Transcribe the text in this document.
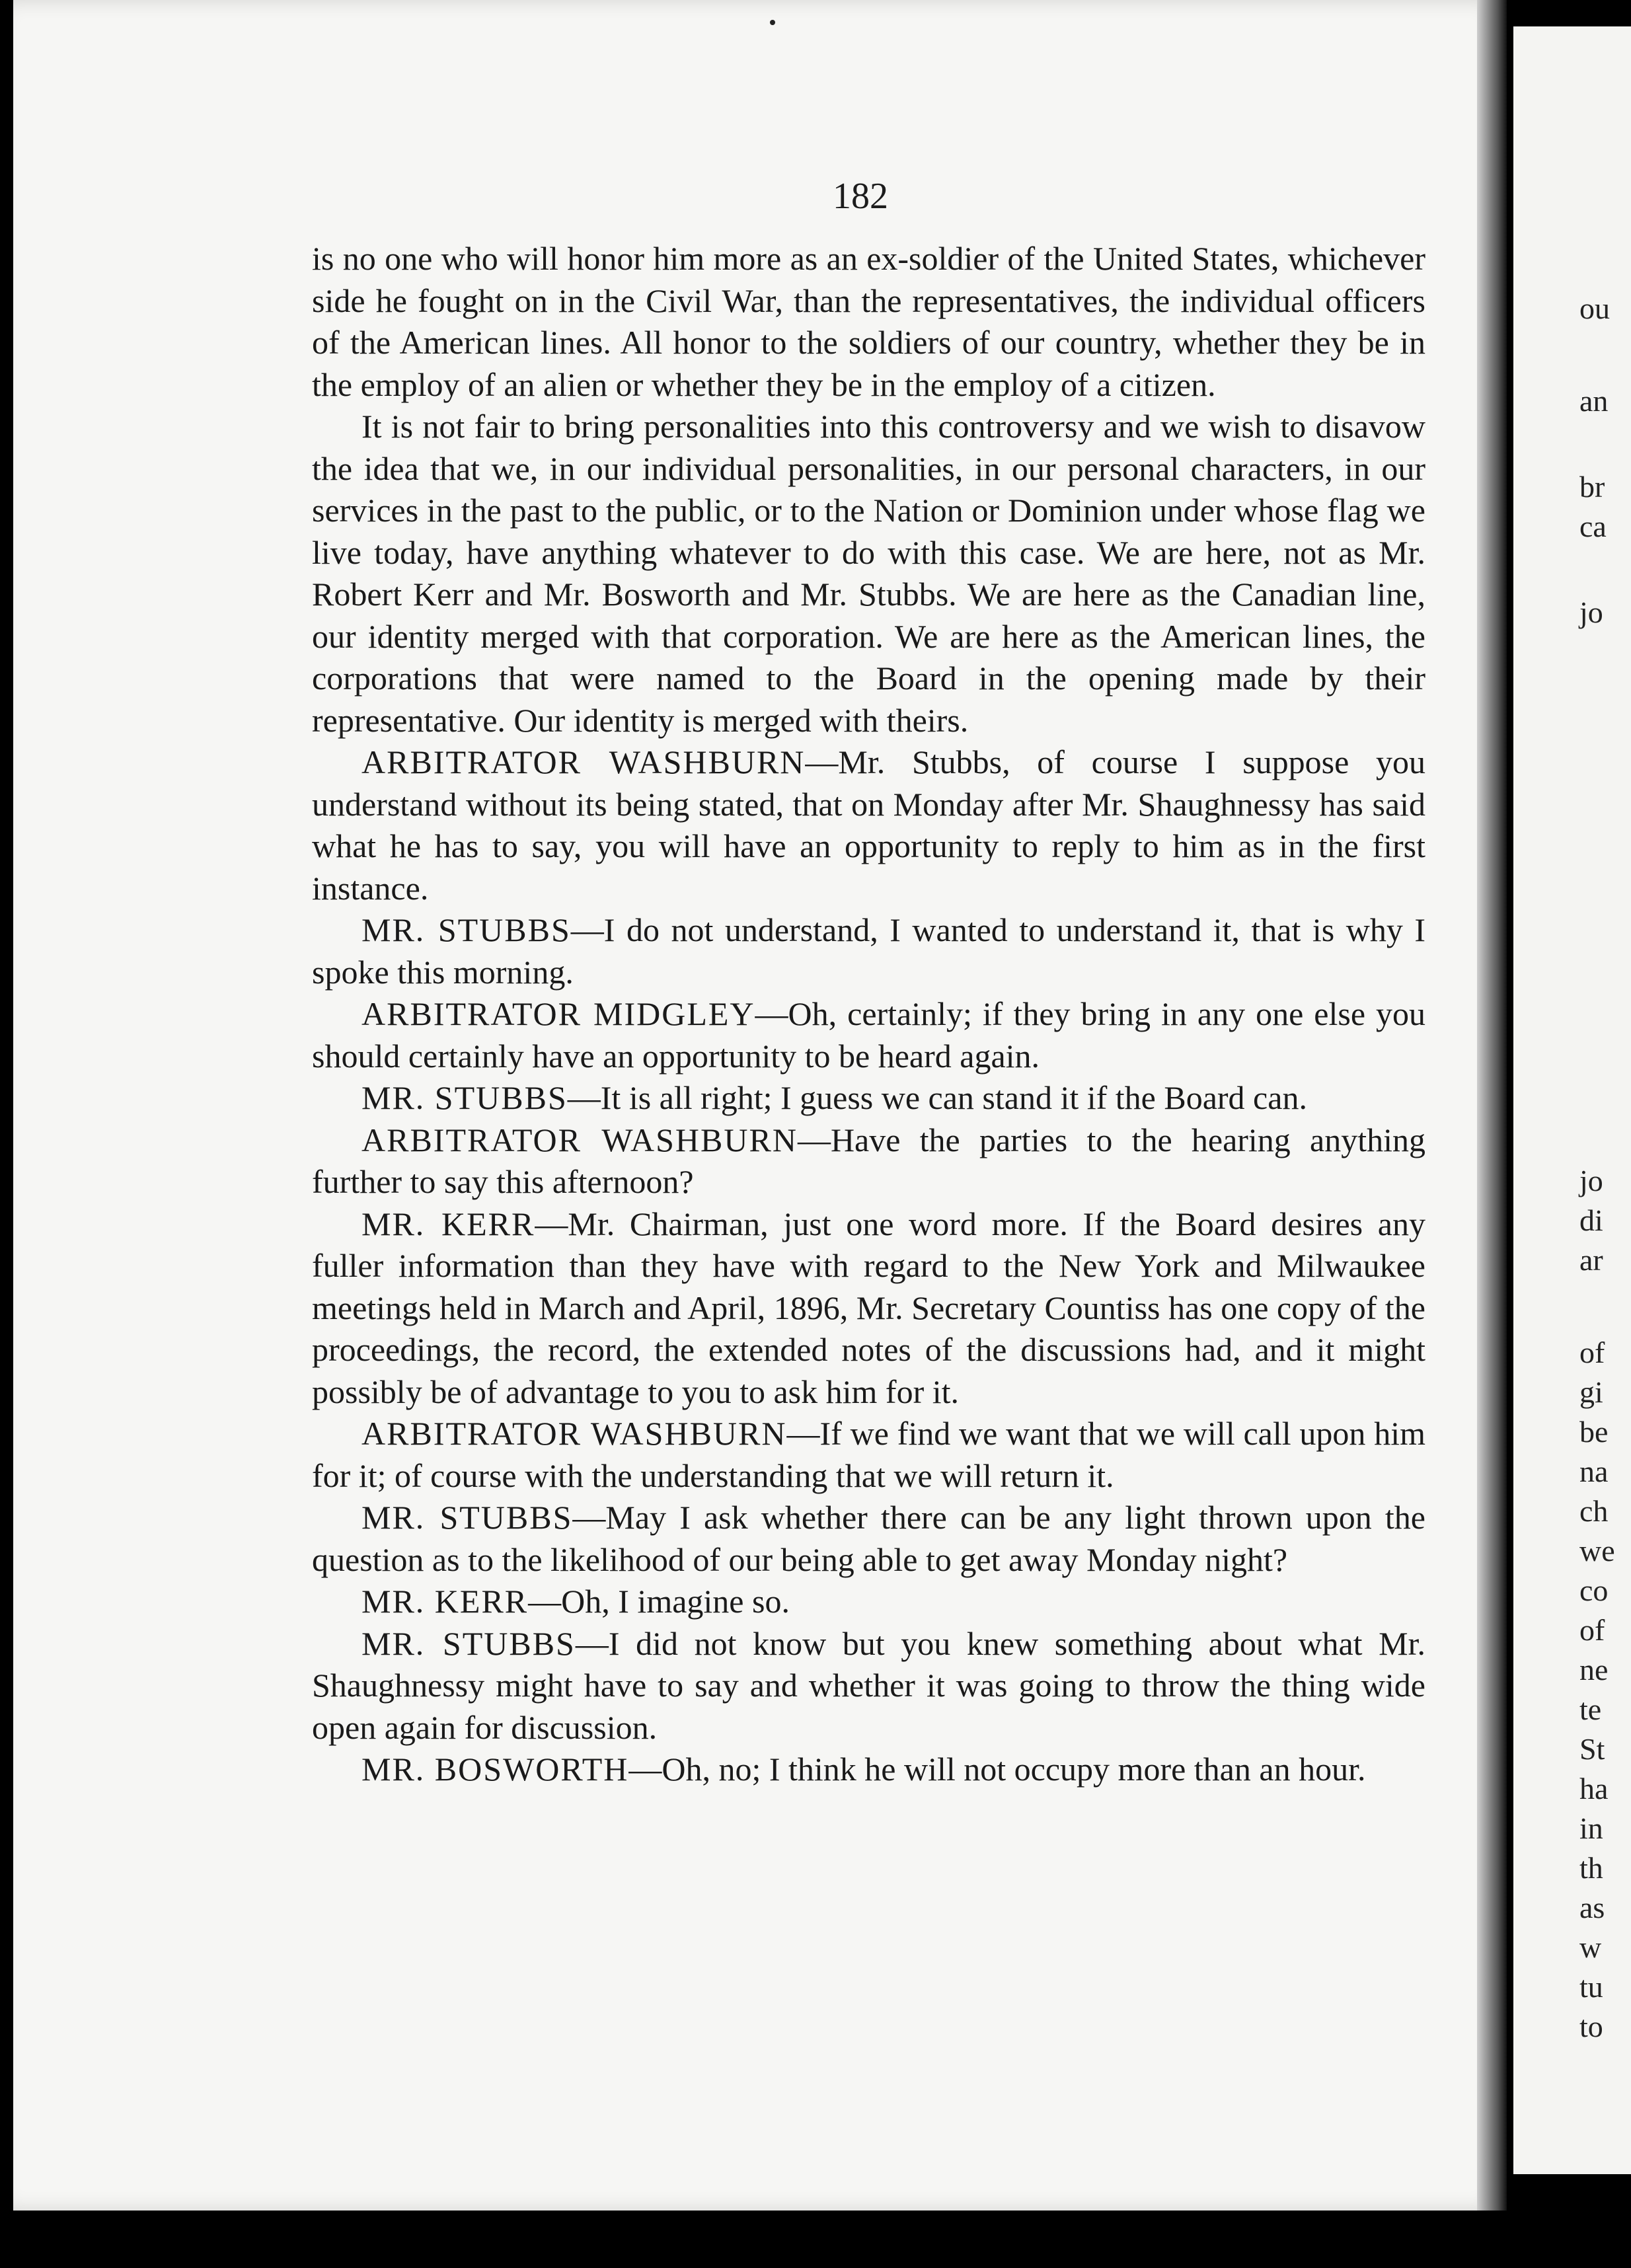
182

is no one who will honor him more as an ex-soldier of the United States, whichever side he fought on in the Civil War, than the representatives, the individual officers of the American lines. All honor to the soldiers of our country, whether they be in the employ of an alien or whether they be in the employ of a citizen.

It is not fair to bring personalities into this controversy and we wish to disavow the idea that we, in our individual personalities, in our personal characters, in our services in the past to the public, or to the Nation or Dominion under whose flag we live today, have anything whatever to do with this case. We are here, not as Mr. Robert Kerr and Mr. Bosworth and Mr. Stubbs. We are here as the Canadian line, our identity merged with that corporation. We are here as the American lines, the corporations that were named to the Board in the opening made by their representative. Our identity is merged with theirs.

ARBITRATOR WASHBURN—Mr. Stubbs, of course I suppose you understand without its being stated, that on Monday after Mr. Shaughnessy has said what he has to say, you will have an opportunity to reply to him as in the first instance.

MR. STUBBS—I do not understand, I wanted to understand it, that is why I spoke this morning.

ARBITRATOR MIDGLEY—Oh, certainly; if they bring in any one else you should certainly have an opportunity to be heard again.

MR. STUBBS—It is all right; I guess we can stand it if the Board can.

ARBITRATOR WASHBURN—Have the parties to the hearing anything further to say this afternoon?

MR. KERR—Mr. Chairman, just one word more. If the Board desires any fuller information than they have with regard to the New York and Milwaukee meetings held in March and April, 1896, Mr. Secretary Countiss has one copy of the proceedings, the record, the extended notes of the discussions had, and it might possibly be of advantage to you to ask him for it.

ARBITRATOR WASHBURN—If we find we want that we will call upon him for it; of course with the understanding that we will return it.

MR. STUBBS—May I ask whether there can be any light thrown upon the question as to the likelihood of our being able to get away Monday night?

MR. KERR—Oh, I imagine so.

MR. STUBBS—I did not know but you knew something about what Mr. Shaughnessy might have to say and whether it was going to throw the thing wide open again for discussion.

MR. BOSWORTH—Oh, no; I think he will not occupy more than an hour.

ou
an
br
ca
jo
jo
di
ar
of
gi
be
na
ch
we
co
of
ne
te
St
ha
in
th
as
w
tu
to
